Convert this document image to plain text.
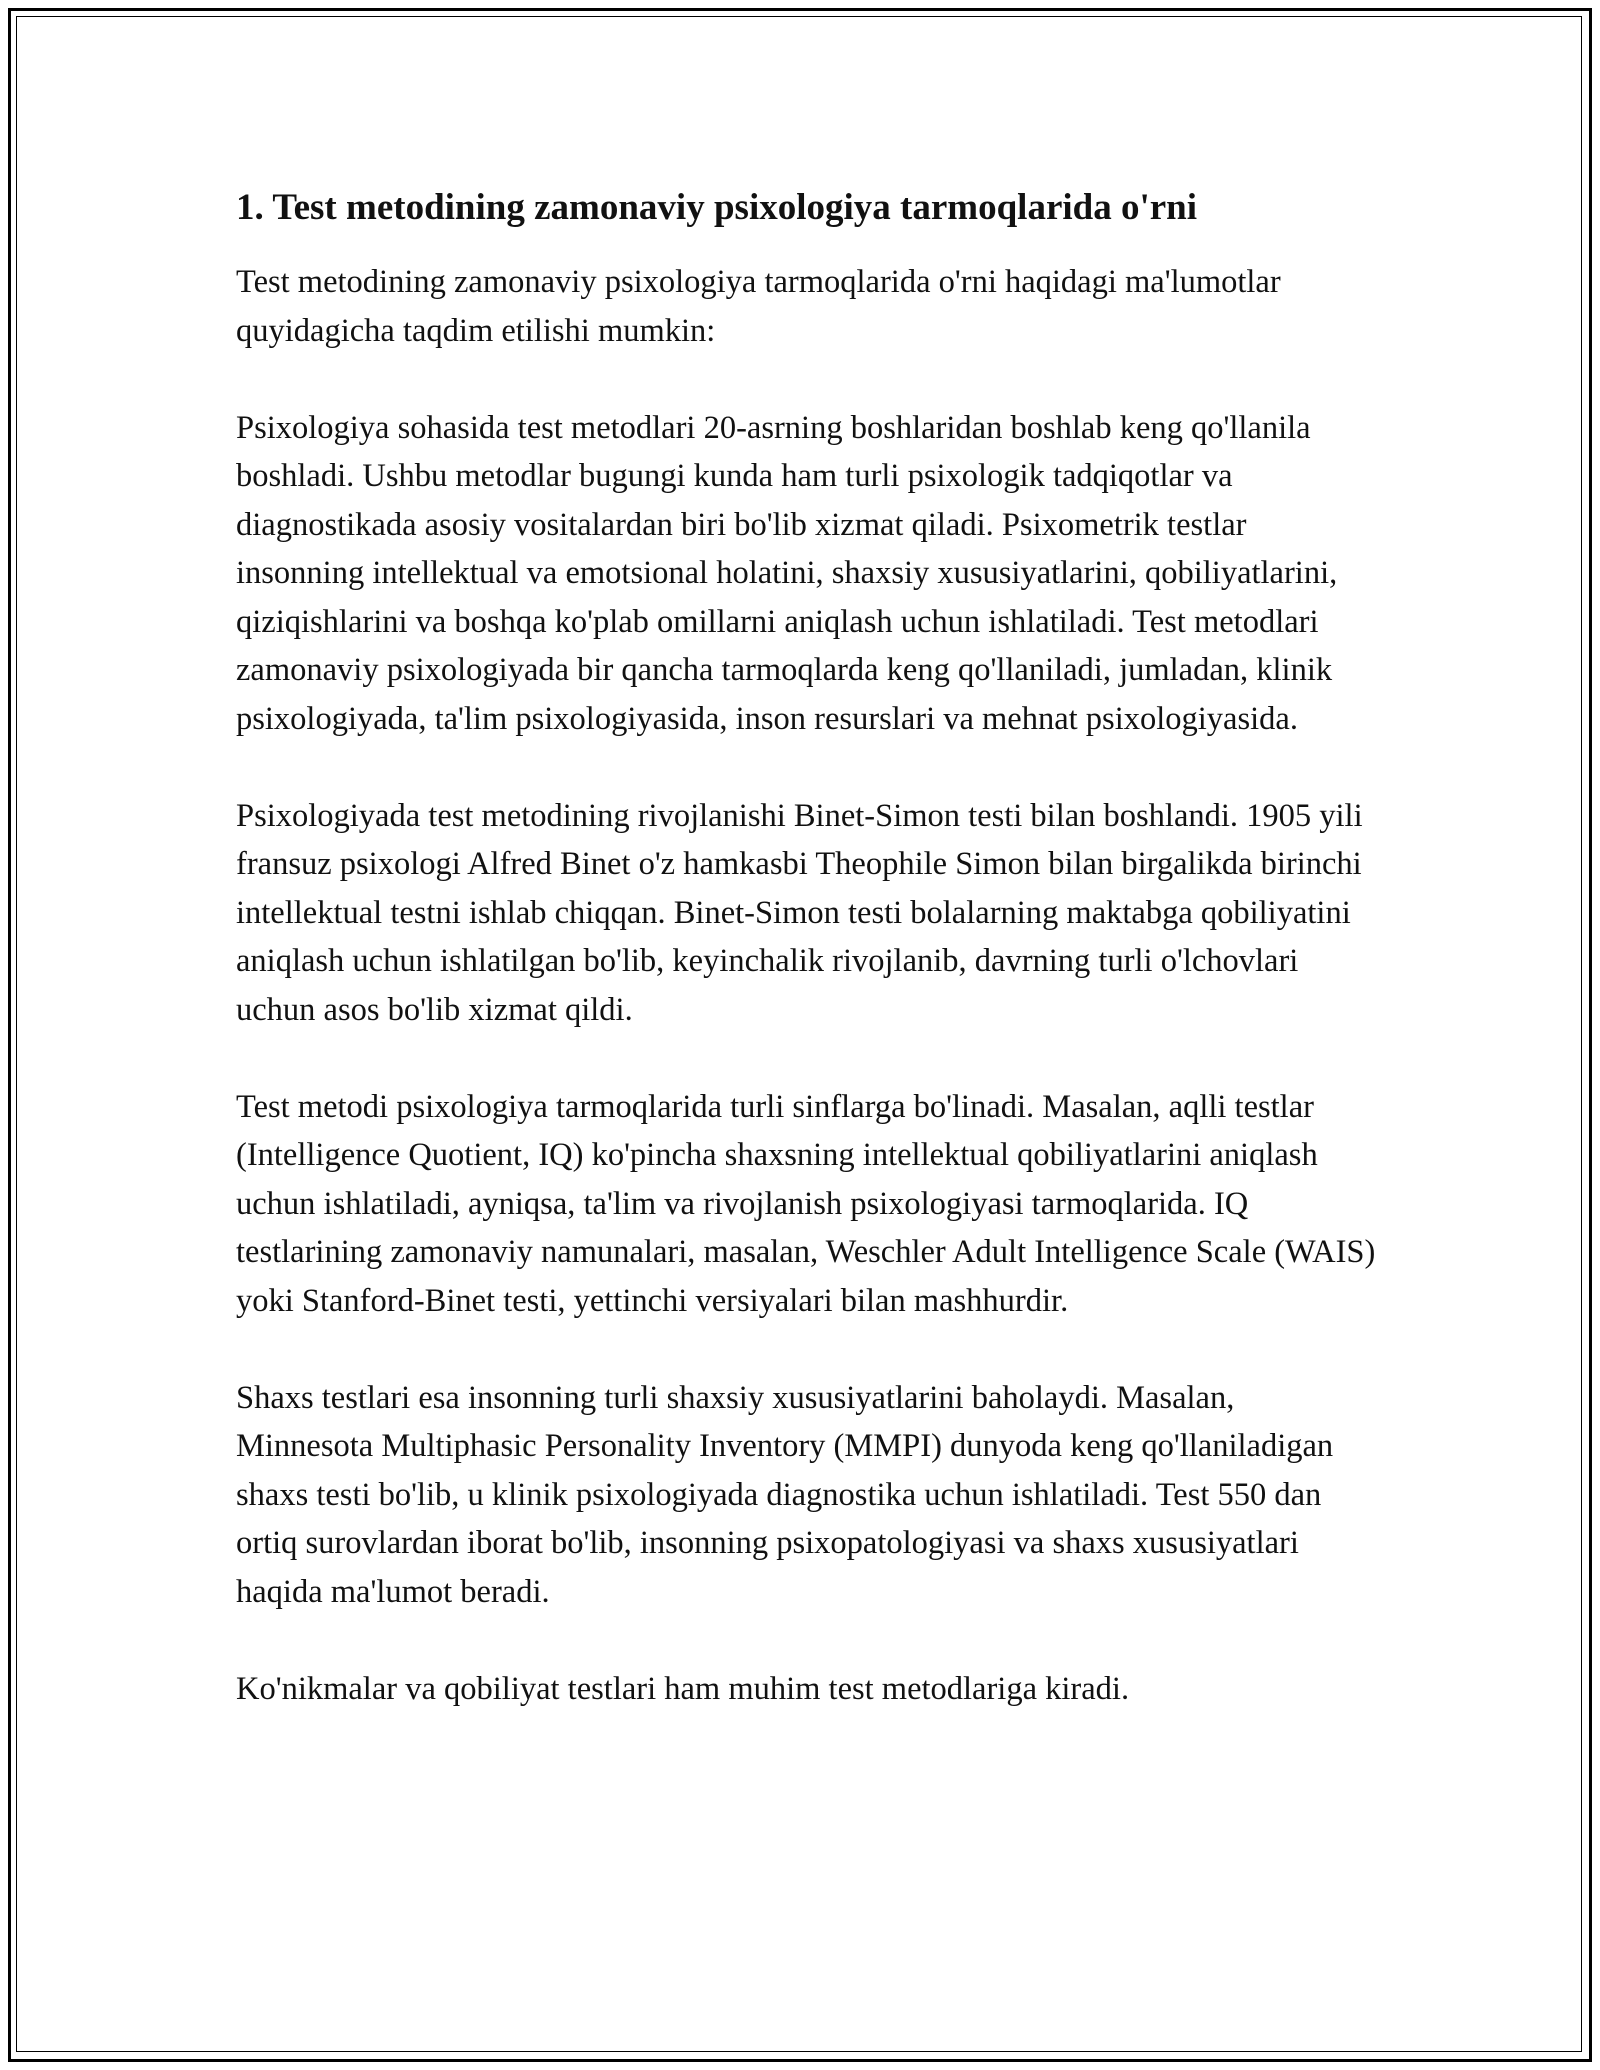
1. Test metodining zamonaviy psixologiya tarmoqlarida o'rni

Test metodining zamonaviy psixologiya tarmoqlarida o'rni haqidagi ma'lumotlar quyidagicha taqdim etilishi mumkin:

Psixologiya sohasida test metodlari 20-asrning boshlaridan boshlab keng qo'llanila boshladi. Ushbu metodlar bugungi kunda ham turli psixologik tadqiqotlar va diagnostikada asosiy vositalardan biri bo'lib xizmat qiladi. Psixometrik testlar insonning intellektual va emotsional holatini, shaxsiy xususiyatlarini, qobiliyatlarini, qiziqishlarini va boshqa ko'plab omillarni aniqlash uchun ishlatiladi. Test metodlari zamonaviy psixologiyada bir qancha tarmoqlarda keng qo'llaniladi, jumladan, klinik psixologiyada, ta'lim psixologiyasida, inson resurslari va mehnat psixologiyasida.

Psixologiyada test metodining rivojlanishi Binet-Simon testi bilan boshlandi. 1905 yili fransuz psixologi Alfred Binet o'z hamkasbi Theophile Simon bilan birgalikda birinchi intellektual testni ishlab chiqqan. Binet-Simon testi bolalarning maktabga qobiliyatini aniqlash uchun ishlatilgan bo'lib, keyinchalik rivojlanib, davrning turli o'lchovlari uchun asos bo'lib xizmat qildi.

Test metodi psixologiya tarmoqlarida turli sinflarga bo'linadi. Masalan, aqlli testlar (Intelligence Quotient, IQ) ko'pincha shaxsning intellektual qobiliyatlarini aniqlash uchun ishlatiladi, ayniqsa, ta'lim va rivojlanish psixologiyasi tarmoqlarida. IQ testlarining zamonaviy namunalari, masalan, Weschler Adult Intelligence Scale (WAIS) yoki Stanford-Binet testi, yettinchi versiyalari bilan mashhurdir.

Shaxs testlari esa insonning turli shaxsiy xususiyatlarini baholaydi. Masalan, Minnesota Multiphasic Personality Inventory (MMPI) dunyoda keng qo'llaniladigan shaxs testi bo'lib, u klinik psixologiyada diagnostika uchun ishlatiladi. Test 550 dan ortiq surovlardan iborat bo'lib, insonning psixopatologiyasi va shaxs xususiyatlari haqida ma'lumot beradi.

Ko'nikmalar va qobiliyat testlari ham muhim test metodlariga kiradi.
